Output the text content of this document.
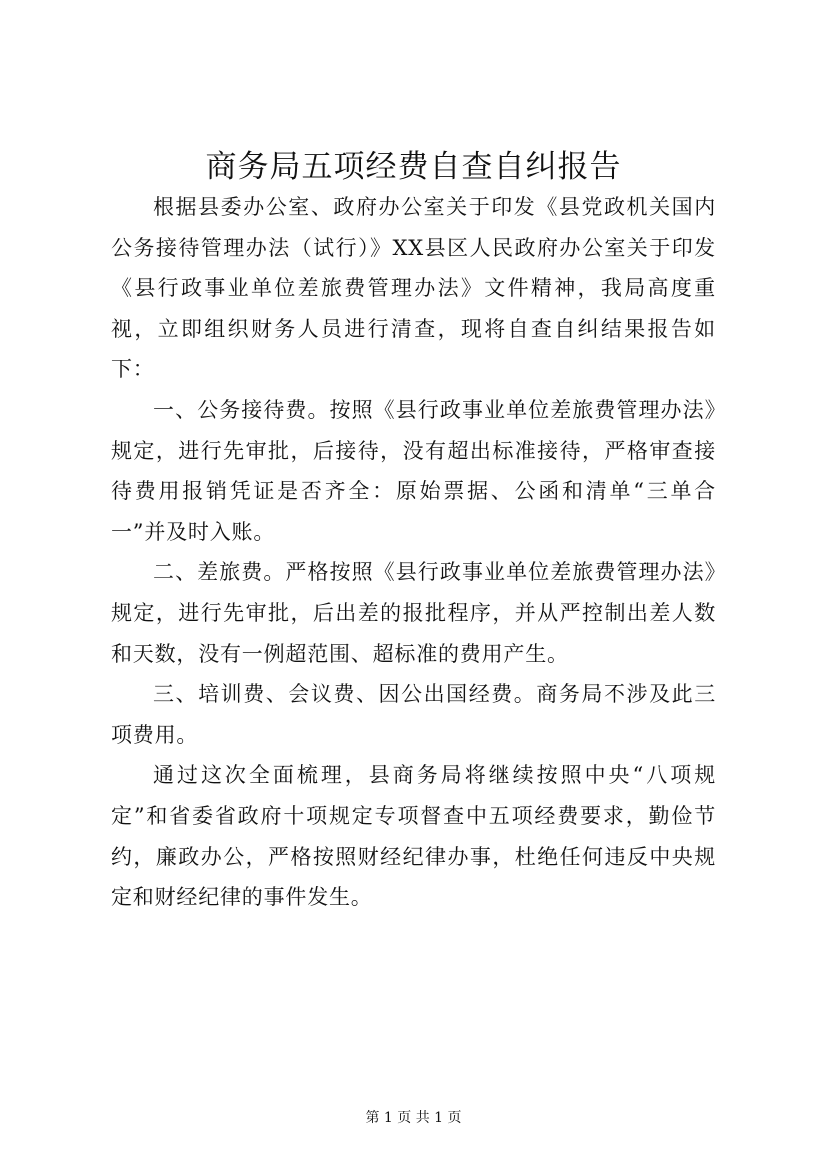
商务局五项经费自查自纠报告

根据县委办公室、政府办公室关于印发《县党政机关国内公务接待管理办法（试行）》XX县区人民政府办公室关于印发《县行政事业单位差旅费管理办法》文件精神，我局高度重视，立即组织财务人员进行清查，现将自查自纠结果报告如下：

一、公务接待费。按照《县行政事业单位差旅费管理办法》规定，进行先审批，后接待，没有超出标准接待，严格审查接待费用报销凭证是否齐全：原始票据、公函和清单“三单合一”并及时入账。

二、差旅费。严格按照《县行政事业单位差旅费管理办法》规定，进行先审批，后出差的报批程序，并从严控制出差人数和天数，没有一例超范围、超标准的费用产生。

三、培训费、会议费、因公出国经费。商务局不涉及此三项费用。

通过这次全面梳理，县商务局将继续按照中央“八项规定”和省委省政府十项规定专项督查中五项经费要求，勤俭节约，廉政办公，严格按照财经纪律办事，杜绝任何违反中央规定和财经纪律的事件发生。

第 1 页 共 1 页
